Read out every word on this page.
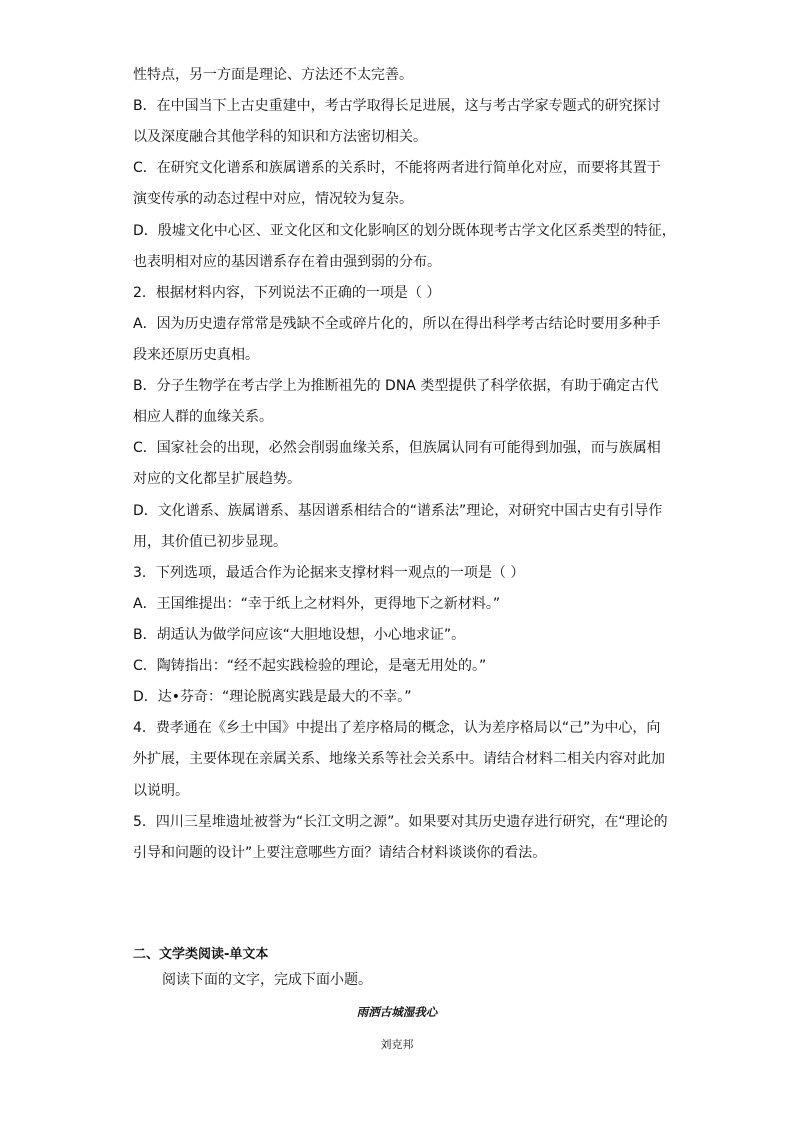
性特点，另一方面是理论、方法还不太完善。
B．在中国当下上古史重建中，考古学取得长足进展，这与考古学家专题式的研究探讨
以及深度融合其他学科的知识和方法密切相关。
C．在研究文化谱系和族属谱系的关系时，不能将两者进行简单化对应，而要将其置于
演变传承的动态过程中对应，情况较为复杂。
D．殷墟文化中心区、亚文化区和文化影响区的划分既体现考古学文化区系类型的特征，
也表明相对应的基因谱系存在着由强到弱的分布。
2．根据材料内容，下列说法不正确的一项是（ ）
A．因为历史遗存常常是残缺不全或碎片化的，所以在得出科学考古结论时要用多种手
段来还原历史真相。
B．分子生物学在考古学上为推断祖先的 DNA 类型提供了科学依据，有助于确定古代
相应人群的血缘关系。
C．国家社会的出现，必然会削弱血缘关系，但族属认同有可能得到加强，而与族属相
对应的文化都呈扩展趋势。
D．文化谱系、族属谱系、基因谱系相结合的“谱系法”理论，对研究中国古史有引导作
用，其价值已初步显现。
3．下列选项，最适合作为论据来支撑材料一观点的一项是（ ）
A．王国维提出：“幸于纸上之材料外，更得地下之新材料。”
B．胡适认为做学问应该“大胆地设想，小心地求证”。
C．陶铸指出：“经不起实践检验的理论，是毫无用处的。”
D．达•芬奇：“理论脱离实践是最大的不幸。”
4．费孝通在《乡土中国》中提出了差序格局的概念，认为差序格局以“己”为中心，向
外扩展，主要体现在亲属关系、地缘关系等社会关系中。请结合材料二相关内容对此加
以说明。
5．四川三星堆遗址被誉为“长江文明之源”。如果要对其历史遗存进行研究，在“理论的
引导和问题的设计”上要注意哪些方面？请结合材料谈谈你的看法。
二、文学类阅读-单文本
阅读下面的文字，完成下面小题。
雨洒古城湿我心
刘克邦
